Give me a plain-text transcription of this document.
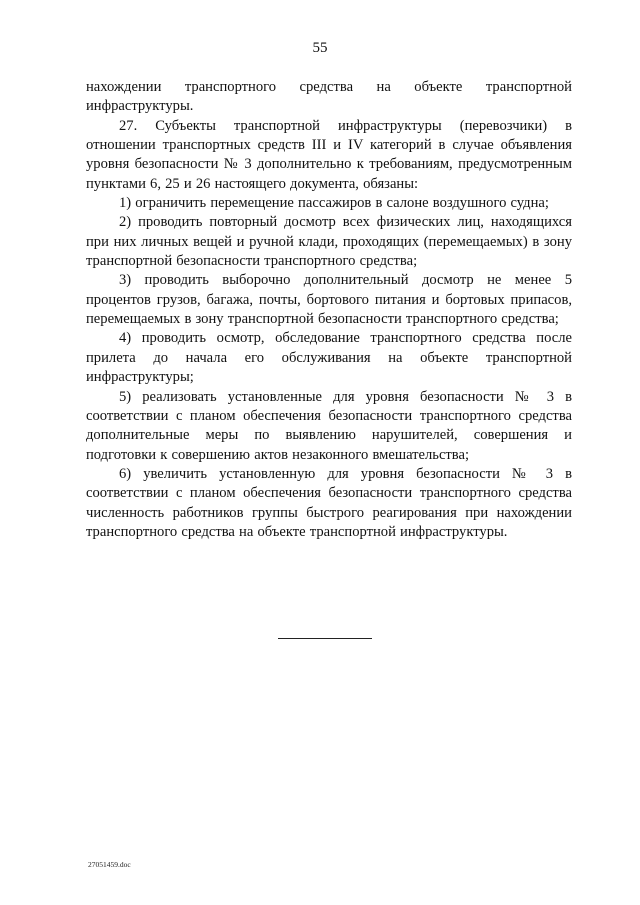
55

нахождении транспортного средства на объекте транспортной инфраструктуры.

27. Субъекты транспортной инфраструктуры (перевозчики) в отношении транспортных средств III и IV категорий в случае объявления уровня безопасности № 3 дополнительно к требованиям, предусмотренным пунктами 6, 25 и 26 настоящего документа, обязаны:

1) ограничить перемещение пассажиров в салоне воздушного судна;

2) проводить повторный досмотр всех физических лиц, находящихся при них личных вещей и ручной клади, проходящих (перемещаемых) в зону транспортной безопасности транспортного средства;

3) проводить выборочно дополнительный досмотр не менее 5 процентов грузов, багажа, почты, бортового питания и бортовых припасов, перемещаемых в зону транспортной безопасности транспортного средства;

4) проводить осмотр, обследование транспортного средства после прилета до начала его обслуживания на объекте транспортной инфраструктуры;

5) реализовать установленные для уровня безопасности № 3 в соответствии с планом обеспечения безопасности транспортного средства дополнительные меры по выявлению нарушителей, совершения и подготовки к совершению актов незаконного вмешательства;

6) увеличить установленную для уровня безопасности № 3 в соответствии с планом обеспечения безопасности транспортного средства численность работников группы быстрого реагирования при нахождении транспортного средства на объекте транспортной инфраструктуры.

27051459.doc
